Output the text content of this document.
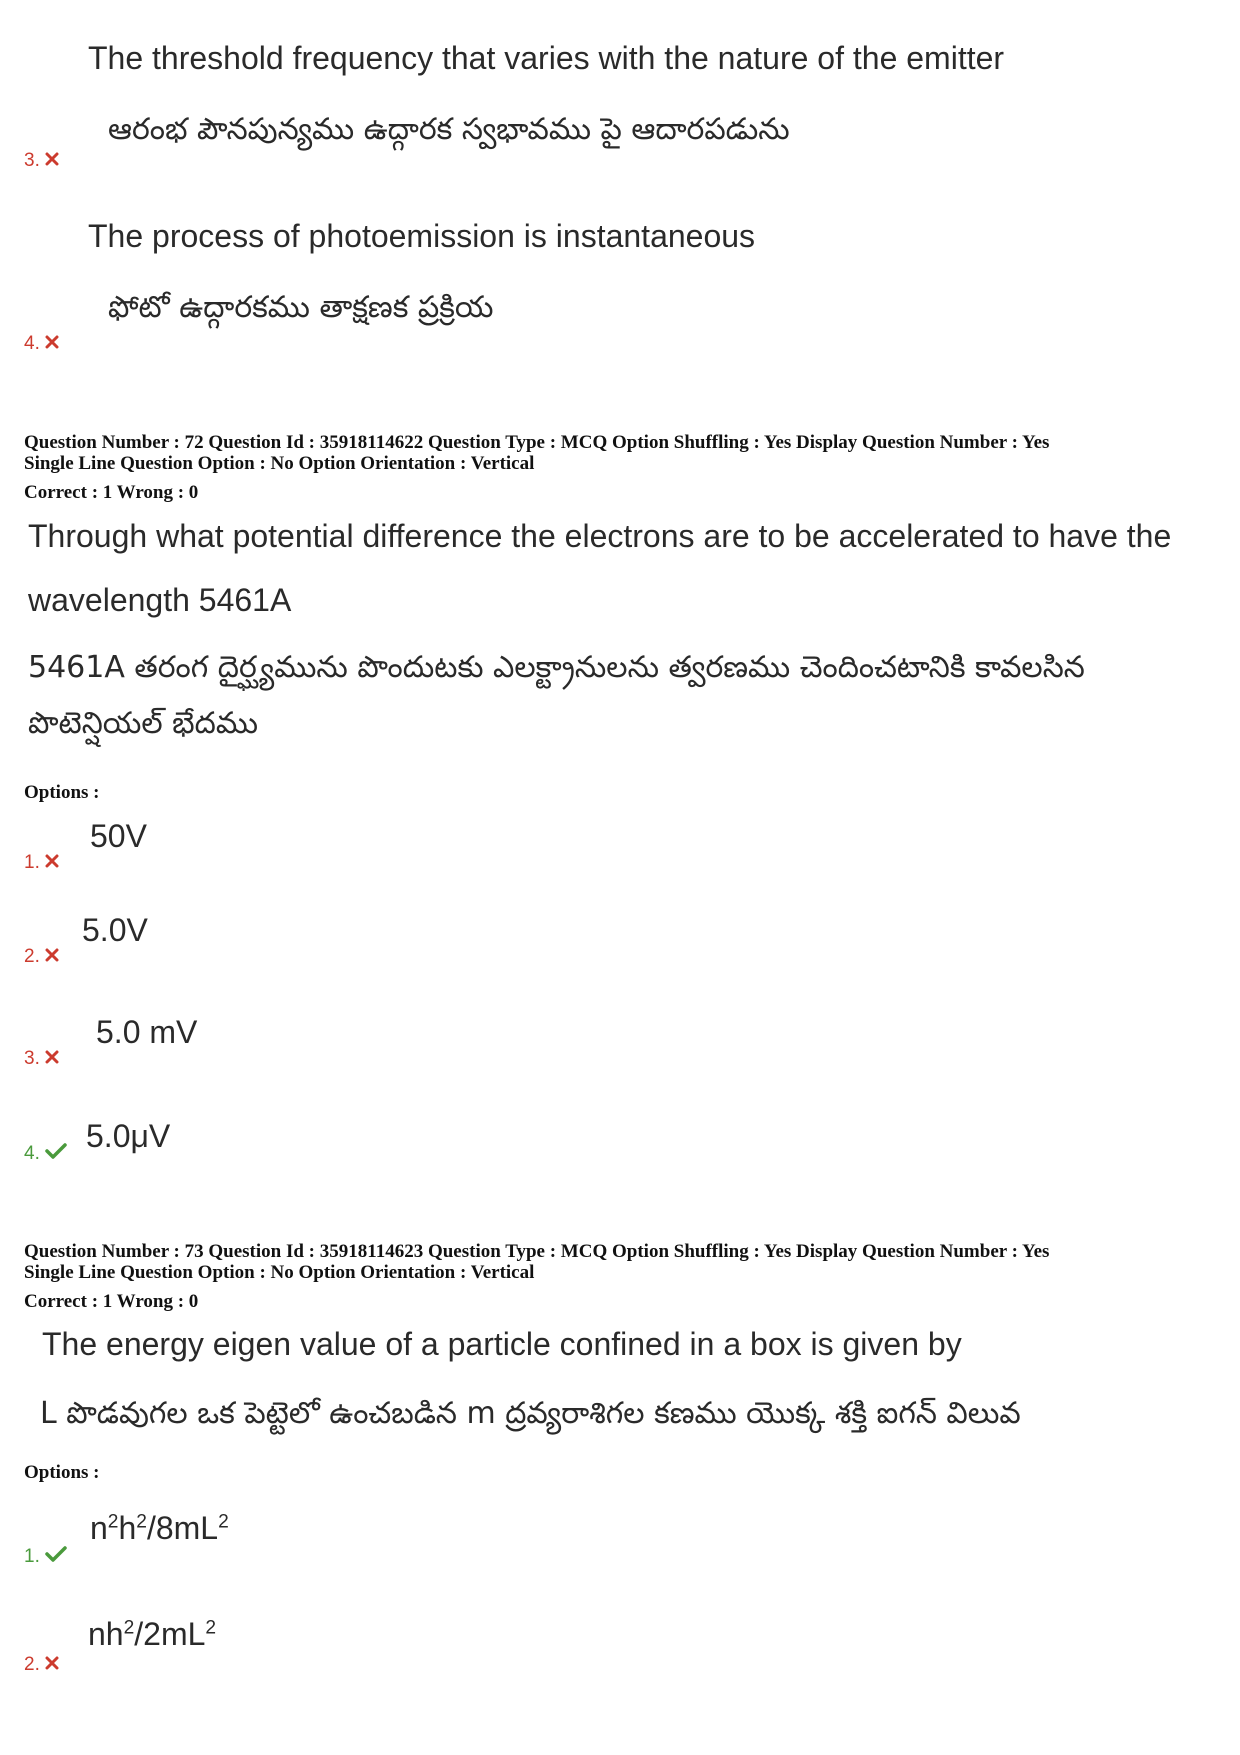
The threshold frequency that varies with the nature of the emitter
ఆరంభ పౌనపున్యము ఉద్గారక స్వభావము పై ఆదారపడును
3.
The process of photoemission is instantaneous
ఫోటో ఉద్గారకము తాక్షణక ప్రక్రియ
4.
Question Number : 72 Question Id : 35918114622 Question Type : MCQ Option Shuffling : Yes Display Question Number : Yes
Single Line Question Option : No Option Orientation : Vertical
Correct : 1 Wrong : 0
Through what potential difference the electrons are to be accelerated to have the
wavelength 5461A
5461A తరంగ దైర్ఘ్యమును పొందుటకు ఎలక్ట్రానులను త్వరణము చెందించటానికి కావలసిన
పొటెన్షియల్ భేదము
Options :
50V
1.
5.0V
2.
5.0 mV
3.
5.0μV
4.
Question Number : 73 Question Id : 35918114623 Question Type : MCQ Option Shuffling : Yes Display Question Number : Yes
Single Line Question Option : No Option Orientation : Vertical
Correct : 1 Wrong : 0
The energy eigen value of a particle confined in a box is given by
L పొడవుగల ఒక పెట్టెలో ఉంచబడిన m ద్రవ్యరాశిగల కణము యొక్క శక్తి ఐగన్ విలువ
Options :
$n^2h^2/8mL^2$
1.
$nh^2/2mL^2$
2.
